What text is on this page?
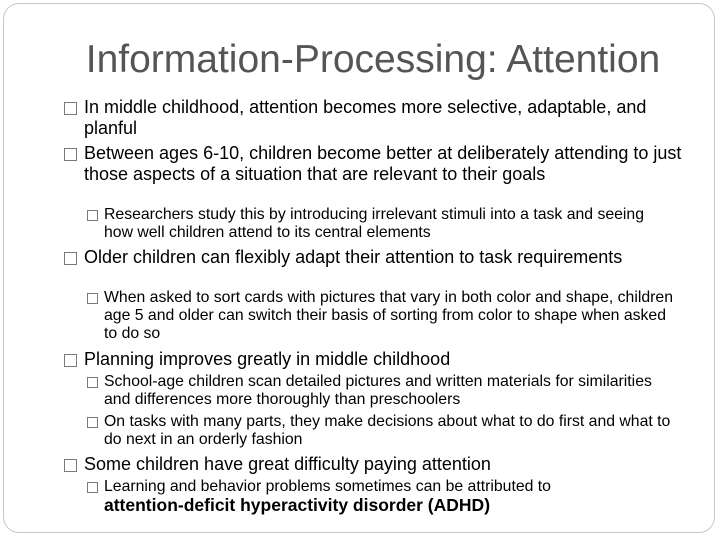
Information-Processing: Attention
In middle childhood, attention becomes more selective, adaptable, and planful
Between ages 6-10, children become better at deliberately attending to just those aspects of a situation that are relevant to their goals
Researchers study this by introducing irrelevant stimuli into a task and seeing how well children attend to its central elements
Older children can flexibly adapt their attention to task requirements
When asked to sort cards with pictures that vary in both color and shape, children age 5 and older can switch their basis of sorting from color to shape when asked to do so
Planning improves greatly in middle childhood
School-age children scan detailed pictures and written materials for similarities and differences more thoroughly than preschoolers
On tasks with many parts, they make decisions about what to do first and what to do next in an orderly fashion
Some children have great difficulty paying attention
Learning and behavior problems sometimes can be attributed to
attention-deficit hyperactivity disorder (ADHD)
